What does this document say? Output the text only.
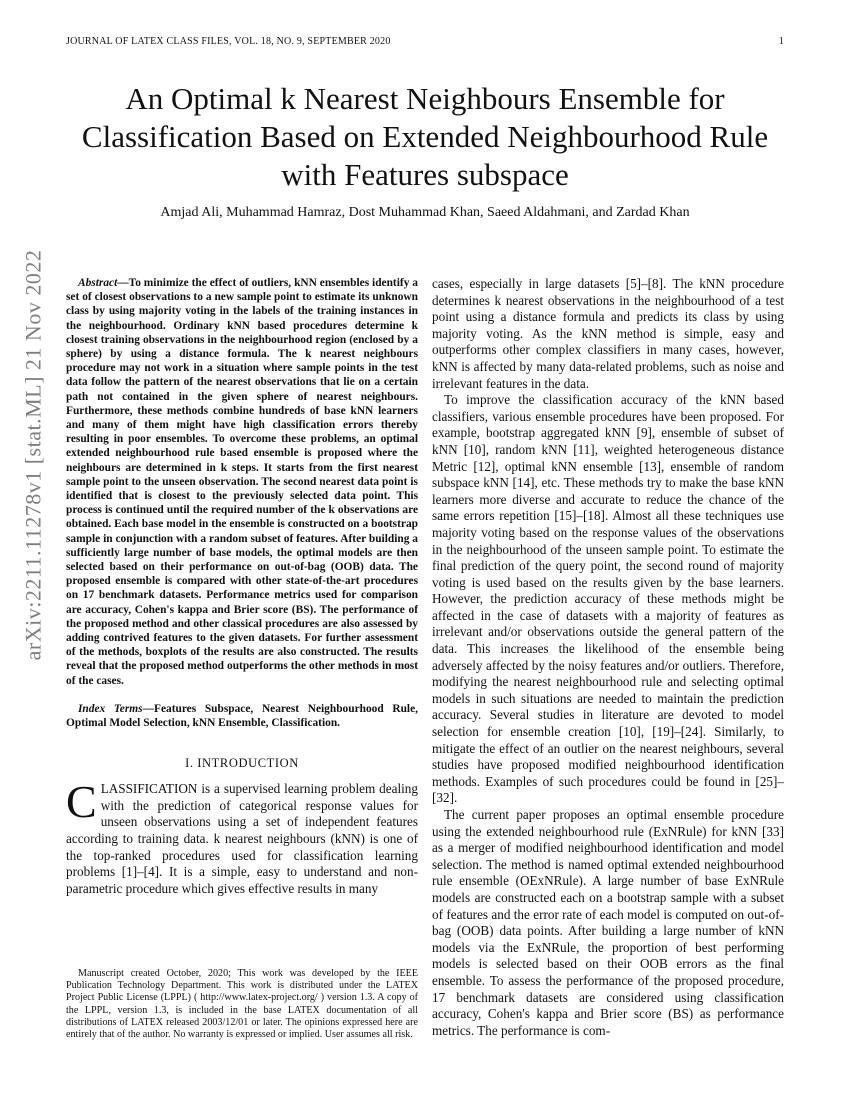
JOURNAL OF LATEX CLASS FILES, VOL. 18, NO. 9, SEPTEMBER 2020	1
An Optimal k Nearest Neighbours Ensemble for Classification Based on Extended Neighbourhood Rule with Features subspace
Amjad Ali, Muhammad Hamraz, Dost Muhammad Khan, Saeed Aldahmani, and Zardad Khan
arXiv:2211.11278v1 [stat.ML] 21 Nov 2022	Abstract—To minimize the effect of outliers, kNN ensembles identify a set of closest observations to a new sample point to estimate its unknown class by using majority voting in the labels of the training instances in the neighbourhood. Ordinary kNN based procedures determine k closest training observations in the neighbourhood region (enclosed by a sphere) by using a distance formula. The k nearest neighbours procedure may not work in a situation where sample points in the test data follow the pattern of the nearest observations that lie on a certain path not contained in the given sphere of nearest neighbours. Furthermore, these methods combine hundreds of base kNN learners and many of them might have high classification errors thereby resulting in poor ensembles. To overcome these problems, an optimal extended neighbourhood rule based ensemble is proposed where the neighbours are determined in k steps. It starts from the first nearest sample point to the unseen observation. The second nearest data point is identified that is closest to the previously selected data point. This process is continued until the required number of the k observations are obtained. Each base model in the ensemble is constructed on a bootstrap sample in conjunction with a random subset of features. After building a sufficiently large number of base models, the optimal models are then selected based on their performance on out-of-bag (OOB) data. The proposed ensemble is compared with other state-of-the-art procedures on 17 benchmark datasets. Performance metrics used for comparison are accuracy, Cohen's kappa and Brier score (BS). The performance of the proposed method and other classical procedures are also assessed by adding contrived features to the given datasets. For further assessment of the methods, boxplots of the results are also constructed. The results reveal that the proposed method outperforms the other methods in most of the cases.

Index Terms—Features Subspace, Nearest Neighbourhood Rule, Optimal Model Selection, kNN Ensemble, Classification.

I. INTRODUCTION

CLASSIFICATION is a supervised learning problem dealing with the prediction of categorical response values for unseen observations using a set of independent features according to training data. k nearest neighbours (kNN) is one of the top-ranked procedures used for classification learning problems [1]–[4]. It is a simple, easy to understand and non-parametric procedure which gives effective results in many

Manuscript created October, 2020; This work was developed by the IEEE Publication Technology Department. This work is distributed under the LATEX Project Public License (LPPL) ( http://www.latex-project.org/ ) version 1.3. A copy of the LPPL, version 1.3, is included in the base LATEX documentation of all distributions of LATEX released 2003/12/01 or later. The opinions expressed here are entirely that of the author. No warranty is expressed or implied. User assumes all risk.

cases, especially in large datasets [5]–[8]. The kNN procedure determines k nearest observations in the neighbourhood of a test point using a distance formula and predicts its class by using majority voting. As the kNN method is simple, easy and outperforms other complex classifiers in many cases, however, kNN is affected by many data-related problems, such as noise and irrelevant features in the data.

To improve the classification accuracy of the kNN based classifiers, various ensemble procedures have been proposed. For example, bootstrap aggregated kNN [9], ensemble of subset of kNN [10], random kNN [11], weighted heterogeneous distance Metric [12], optimal kNN ensemble [13], ensemble of random subspace kNN [14], etc. These methods try to make the base kNN learners more diverse and accurate to reduce the chance of the same errors repetition [15]–[18]. Almost all these techniques use majority voting based on the response values of the observations in the neighbourhood of the unseen sample point. To estimate the final prediction of the query point, the second round of majority voting is used based on the results given by the base learners. However, the prediction accuracy of these methods might be affected in the case of datasets with a majority of features as irrelevant and/or observations outside the general pattern of the data. This increases the likelihood of the ensemble being adversely affected by the noisy features and/or outliers. Therefore, modifying the nearest neighbourhood rule and selecting optimal models in such situations are needed to maintain the prediction accuracy. Several studies in literature are devoted to model selection for ensemble creation [10], [19]–[24]. Similarly, to mitigate the effect of an outlier on the nearest neighbours, several studies have proposed modified neighbourhood identification methods. Examples of such procedures could be found in [25]–[32].

The current paper proposes an optimal ensemble procedure using the extended neighbourhood rule (ExNRule) for kNN [33] as a merger of modified neighbourhood identification and model selection. The method is named optimal extended neighbourhood rule ensemble (OExNRule). A large number of base ExNRule models are constructed each on a bootstrap sample with a subset of features and the error rate of each model is computed on out-of-bag (OOB) data points. After building a large number of kNN models via the ExNRule, the proportion of best performing models is selected based on their OOB errors as the final ensemble. To assess the performance of the proposed procedure, 17 benchmark datasets are considered using classification accuracy, Cohen's kappa and Brier score (BS) as performance metrics. The performance is com-
